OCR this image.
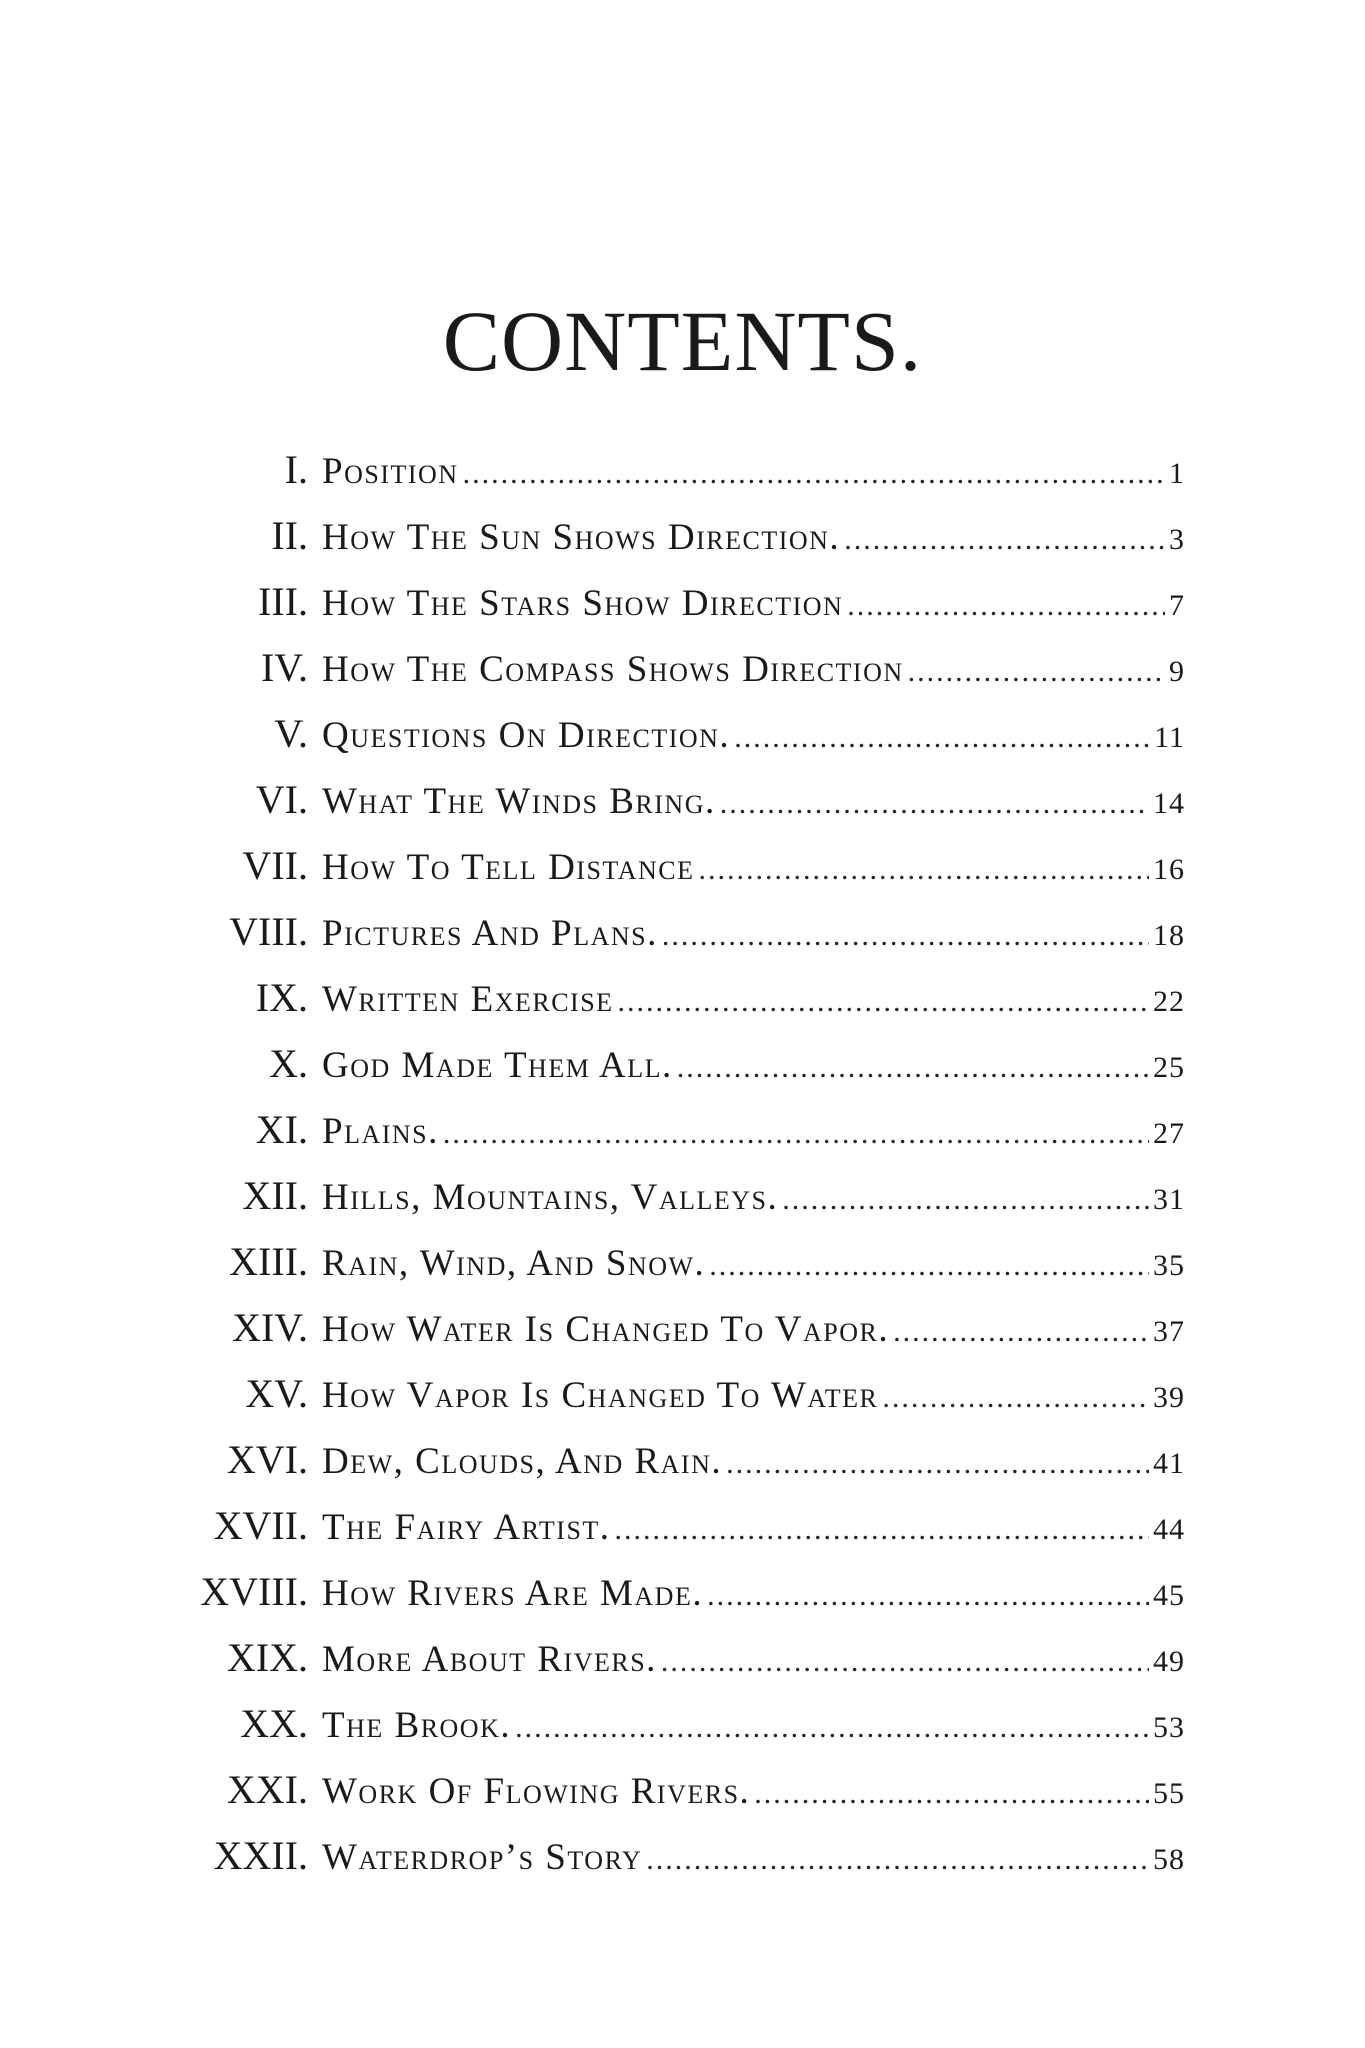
CONTENTS.
I. Position .....	1
II. How The Sun Shows Direction. .....	3
III. How The Stars Show Direction .....	7
IV. How The Compass Shows Direction .....	9
V. Questions On Direction. .....	11
VI. What The Winds Bring. .....	14
VII. How To Tell Distance .....	16
VIII. Pictures And Plans. .....	18
IX. Written Exercise .....	22
X. God Made Them All. .....	25
XI. Plains. .....	27
XII. Hills, Mountains, Valleys. .....	31
XIII. Rain, Wind, And Snow. .....	35
XIV. How Water Is Changed To Vapor. .....	37
XV. How Vapor Is Changed To Water .....	39
XVI. Dew, Clouds, And Rain. .....	41
XVII. The Fairy Artist. .....	44
XVIII. How Rivers Are Made. .....	45
XIX. More About Rivers. .....	49
XX. The Brook. .....	53
XXI. Work Of Flowing Rivers. .....	55
XXII. Waterdrop’s Story .....	58
